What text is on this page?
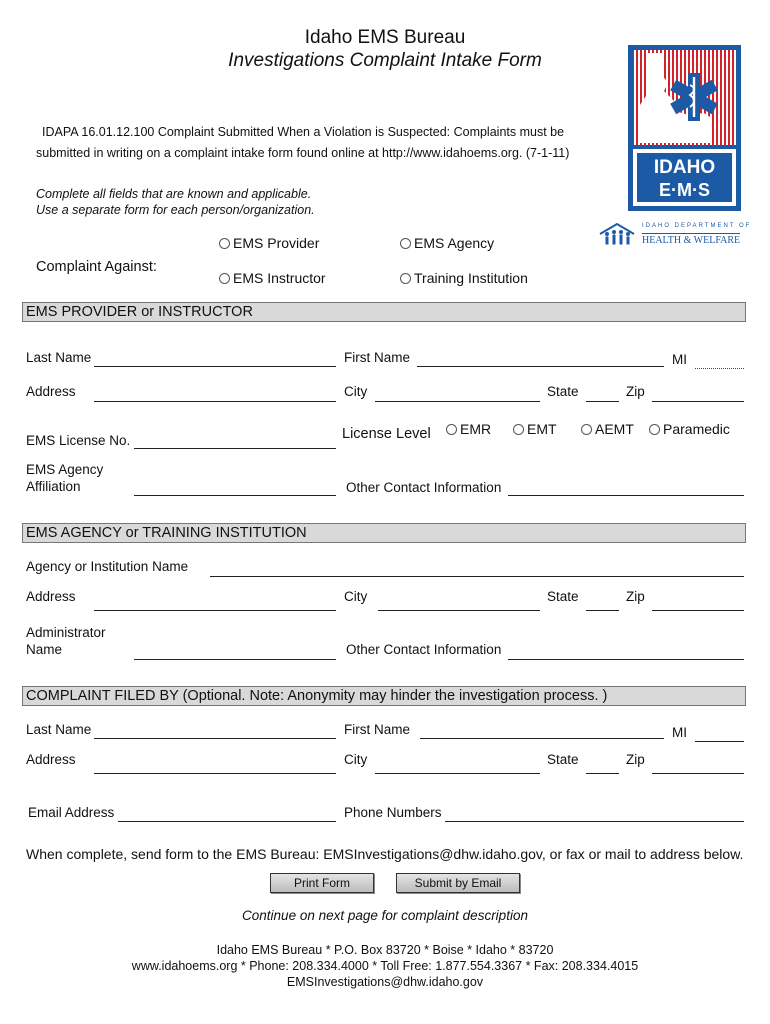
Idaho EMS Bureau
Investigations Complaint Intake Form
IDAPA 16.01.12.100 Complaint Submitted When a Violation is Suspected: Complaints must be
submitted in writing on a complaint intake form found online at http://www.idahoems.org. (7-1-11)
Complete all fields that are known and applicable.
Use a separate form for each person/organization.
IDAHO
E·M·S
IDAHO DEPARTMENT OF
HEALTH & WELFARE
Complaint Against:
EMS Provider	EMS Agency
EMS Instructor	Training Institution
EMS PROVIDER or INSTRUCTOR
Last Name	First Name	MI
Address	City	State	Zip
EMS License No.	License Level	EMR	EMT	AEMT	Paramedic
EMS Agency
Affiliation	Other Contact Information
EMS AGENCY or TRAINING INSTITUTION
Agency or Institution Name
Address	City	State	Zip
Administrator
Name	Other Contact Information
COMPLAINT FILED BY (Optional. Note: Anonymity may hinder the investigation process. )
Last Name	First Name	MI
Address	City	State	Zip
Email Address	Phone Numbers
When complete, send form to the EMS Bureau: EMSInvestigations@dhw.idaho.gov, or fax or mail to address below.
Print Form	Submit by Email
Continue on next page for complaint description
Idaho EMS Bureau * P.O. Box 83720 * Boise * Idaho * 83720
www.idahoems.org * Phone: 208.334.4000 * Toll Free: 1.877.554.3367 * Fax: 208.334.4015
EMSInvestigations@dhw.idaho.gov
